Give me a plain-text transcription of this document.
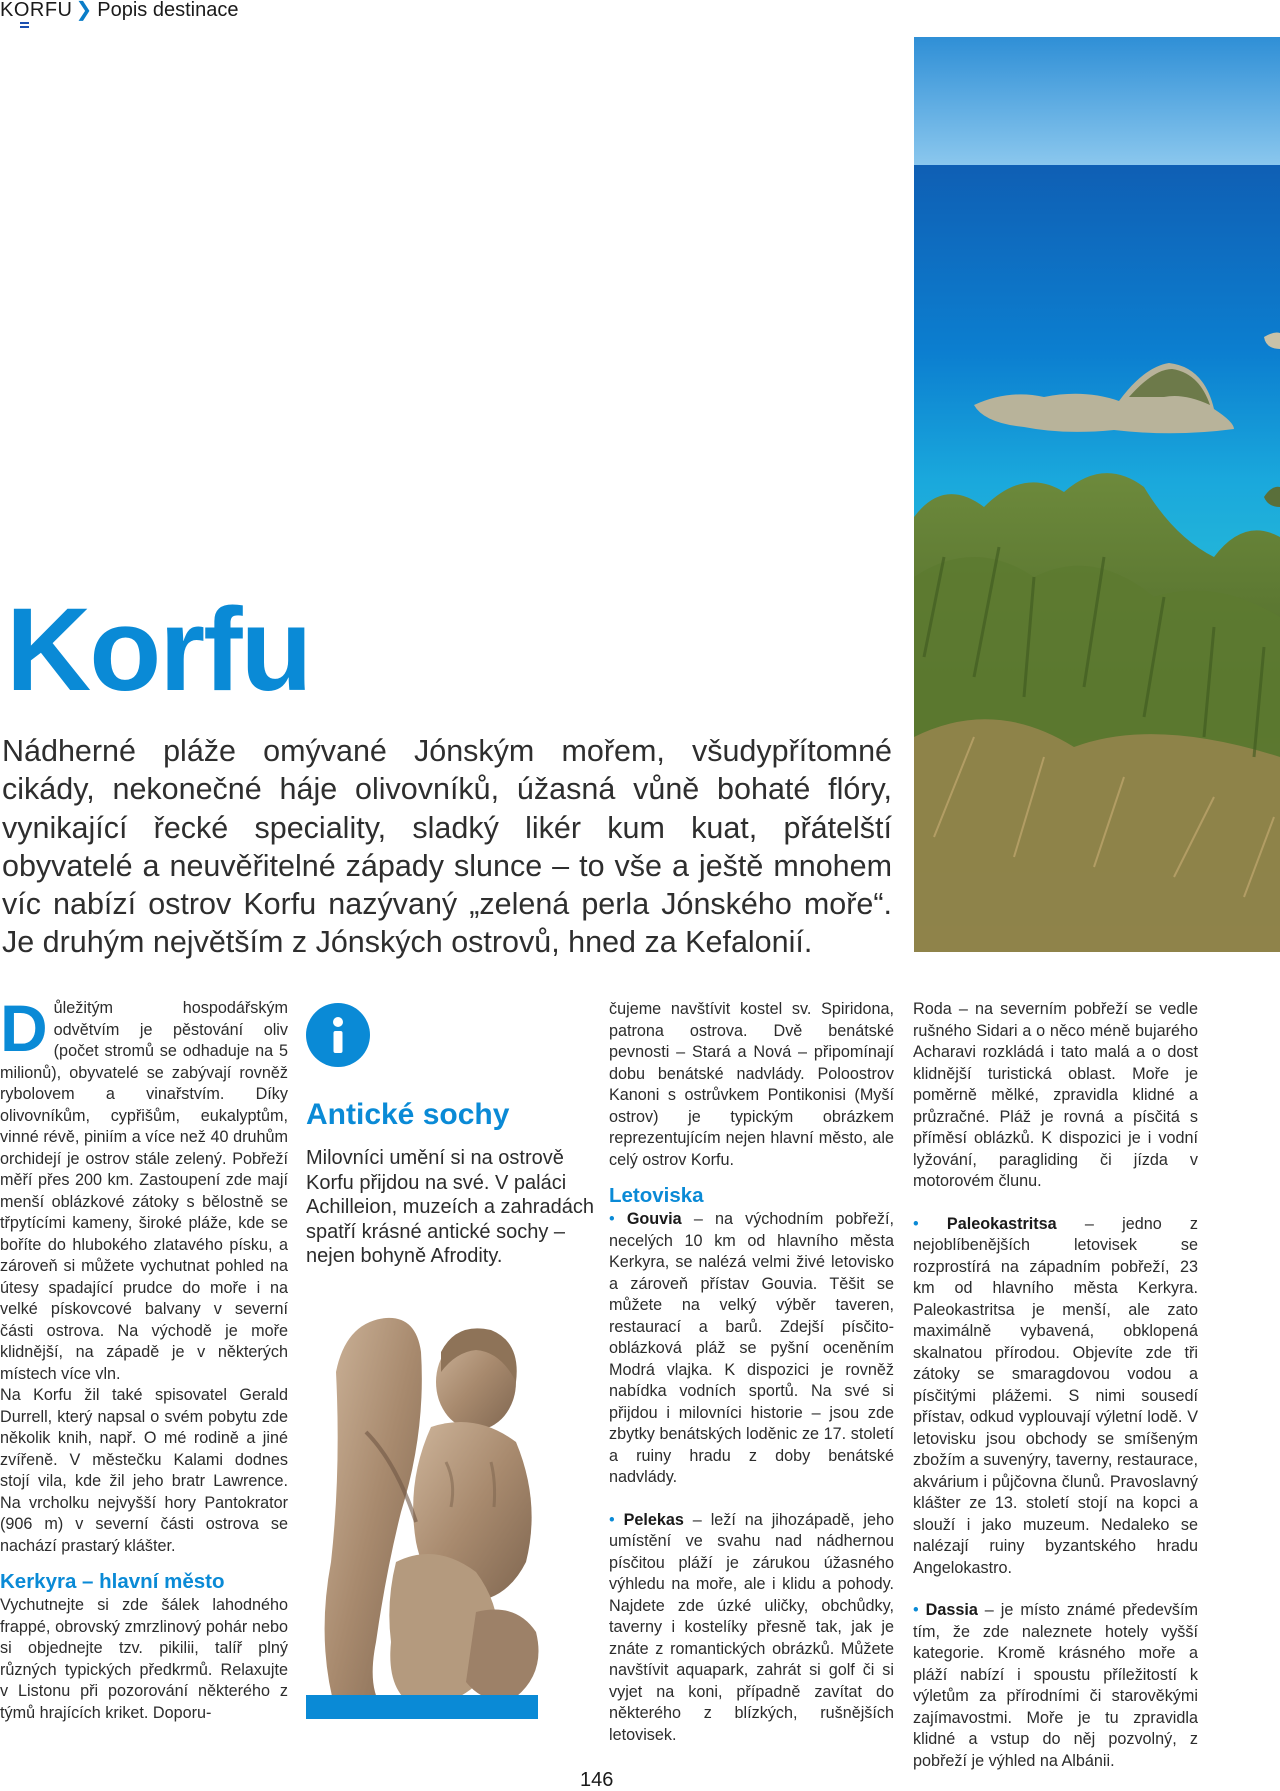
KORFU ❯ Popis destinace
Korfu
Nádherné pláže omývané Jónským mořem, všudypřítomné cikády, nekonečné háje olivovníků, úžasná vůně bohaté flóry, vynikající řecké speciality, sladký likér kum kuat, přátelští obyvatelé a neuvěřitelné západy slunce – to vše a ještě mnohem víc nabízí ostrov Korfu nazývaný „zelená perla Jónského moře“. Je druhým největším z Jónských ostrovů, hned za Kefalonií.

Důležitým hospodářským odvětvím je pěstování oliv (počet stromů se odhaduje na 5 milionů), obyvatelé se zabývají rovněž rybolovem a vinařstvím. Díky olivovníkům, cypřišům, eukalyptům, vinné révě, piniím a více než 40 druhům orchidejí je ostrov stále zelený. Pobřeží měří přes 200 km. Zastoupení zde mají menší oblázkové zátoky s bělostně se třpytícími kameny, široké pláže, kde se boříte do hlubokého zlatavého písku, a zároveň si můžete vychutnat pohled na útesy spadající prudce do moře i na velké pískovcové balvany v severní části ostrova. Na východě je moře klidnější, na západě je v některých místech více vln.

Na Korfu žil také spisovatel Gerald Durrell, který napsal o svém pobytu zde několik knih, např. O mé rodině a jiné zvířeně. V městečku Kalami dodnes stojí vila, kde žil jeho bratr Lawrence. Na vrcholku nejvyšší hory Pantokrator (906 m) v severní části ostrova se nachází prastarý klášter.

Kerkyra – hlavní město

Vychutnejte si zde šálek lahodného frappé, obrovský zmrzlinový pohár nebo si objednejte tzv. pikilii, talíř plný různých typických předkrmů. Relaxujte v Listonu při pozorování některého z týmů hrajících kriket. Doporu-

Antické sochy
Milovníci umění si na ostrově Korfu přijdou na své. V paláci Achilleion, muzeích a zahradách spatří krásné antické sochy – nejen bohyně Afrodity.

čujeme navštívit kostel sv. Spiridona, patrona ostrova. Dvě benátské pevnosti – Stará a Nová – připomínají dobu benátské nadvlády. Poloostrov Kanoni s ostrůvkem Pontikonisi (Myší ostrov) je typickým obrázkem reprezentujícím nejen hlavní město, ale celý ostrov Korfu.

Letoviska

• Gouvia – na východním pobřeží, necelých 10 km od hlavního města Kerkyra, se nalézá velmi živé letovisko a zároveň přístav Gouvia. Těšit se můžete na velký výběr taveren, restaurací a barů. Zdejší písčito-oblázková pláž se pyšní oceněním Modrá vlajka. K dispozici je rovněž nabídka vodních sportů. Na své si přijdou i milovníci historie – jsou zde zbytky benátských loděnic ze 17. století a ruiny hradu z doby benátské nadvlády.

• Pelekas – leží na jihozápadě, jeho umístění ve svahu nad nádhernou písčitou pláží je zárukou úžasného výhledu na moře, ale i klidu a pohody. Najdete zde úzké uličky, obchůdky, taverny i kostelíky přesně tak, jak je znáte z romantických obrázků. Můžete navštívit aquapark, zahrát si golf či si vyjet na koni, případně zavítat do některého z blízkých, rušnějších letovisek.

Roda – na severním pobřeží se vedle rušného Sidari a o něco méně bujarého Acharavi rozkládá i tato malá a o dost klidnější turistická oblast. Moře je poměrně mělké, zpravidla klidné a průzračné. Pláž je rovná a písčitá s příměsí oblázků. K dispozici je i vodní lyžování, paragliding či jízda v motorovém člunu.

• Paleokastritsa – jedno z nejoblíbenějších letovisek se rozprostírá na západním pobřeží, 23 km od hlavního města Kerkyra. Paleokastritsa je menší, ale zato maximálně vybavená, obklopená skalnatou přírodou. Objevíte zde tři zátoky se smaragdovou vodou a písčitými plážemi. S nimi sousedí přístav, odkud vyplouvají výletní lodě. V letovisku jsou obchody se smíšeným zbožím a suvenýry, taverny, restaurace, akvárium i půjčovna člunů. Pravoslavný klášter ze 13. století stojí na kopci a slouží i jako muzeum. Nedaleko se nalézají ruiny byzantského hradu Angelokastro.

• Dassia – je místo známé především tím, že zde naleznete hotely vyšší kategorie. Kromě krásného moře a pláží nabízí i spoustu příležitostí k výletům za přírodními či starověkými zajímavostmi. Moře je tu zpravidla klidné a vstup do něj pozvolný, z pobřeží je výhled na Albánii.

146
